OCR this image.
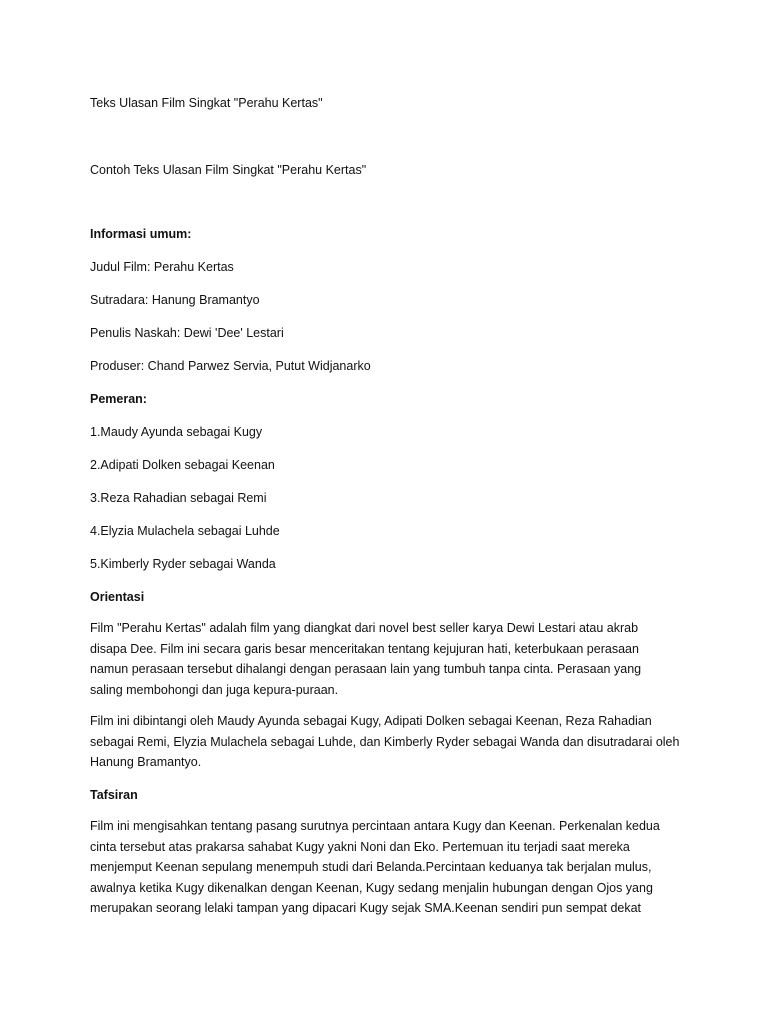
Teks Ulasan Film Singkat "Perahu Kertas"
Contoh Teks Ulasan Film Singkat "Perahu Kertas"
Informasi umum:
Judul Film: Perahu Kertas
Sutradara: Hanung Bramantyo
Penulis Naskah: Dewi 'Dee' Lestari
Produser: Chand Parwez Servia, Putut Widjanarko
Pemeran:
1.Maudy Ayunda sebagai Kugy
2.Adipati Dolken sebagai Keenan
3.Reza Rahadian sebagai Remi
4.Elyzia Mulachela sebagai Luhde
5.Kimberly Ryder sebagai Wanda
Orientasi
Film "Perahu Kertas" adalah film yang diangkat dari novel best seller karya Dewi Lestari atau akrab
disapa Dee. Film ini secara garis besar menceritakan tentang kejujuran hati, keterbukaan perasaan
namun perasaan tersebut dihalangi dengan perasaan lain yang tumbuh tanpa cinta. Perasaan yang
saling membohongi dan juga kepura-puraan.
Film ini dibintangi oleh Maudy Ayunda sebagai Kugy, Adipati Dolken sebagai Keenan, Reza Rahadian
sebagai Remi, Elyzia Mulachela sebagai Luhde, dan Kimberly Ryder sebagai Wanda dan disutradarai oleh
Hanung Bramantyo.
Tafsiran
Film ini mengisahkan tentang pasang surutnya percintaan antara Kugy dan Keenan. Perkenalan kedua
cinta tersebut atas prakarsa sahabat Kugy yakni Noni dan Eko. Pertemuan itu terjadi saat mereka
menjemput Keenan sepulang menempuh studi dari Belanda.Percintaan keduanya tak berjalan mulus,
awalnya ketika Kugy dikenalkan dengan Keenan, Kugy sedang menjalin hubungan dengan Ojos yang
merupakan seorang lelaki tampan yang dipacari Kugy sejak SMA.Keenan sendiri pun sempat dekat
